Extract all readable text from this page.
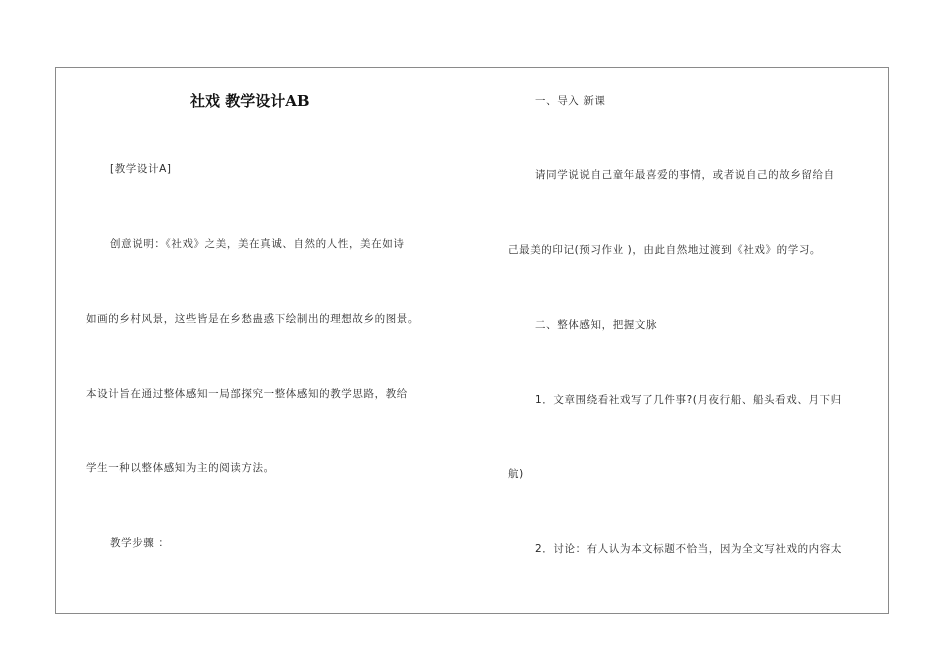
社戏 教学设计AB
[教学设计A]
创意说明：《社戏》之美，美在真诚、自然的人性，美在如诗
如画的乡村风景，这些皆是在乡愁蛊惑下绘制出的理想故乡的图景。
本设计旨在通过整体感知一局部探究一整体感知的教学思路，教给
学生一种以整体感知为主的阅读方法。
教学步骤 ：
一、导入 新课
请同学说说自己童年最喜爱的事情，或者说自己的故乡留给自
己最美的印记(预习作业 )，由此自然地过渡到《社戏》的学习。
二、整体感知，把握文脉
1．文章围绕看社戏写了几件事?(月夜行船、船头看戏、月下归
航)
2．讨论：有人认为本文标题不恰当，因为全文写社戏的内容太
